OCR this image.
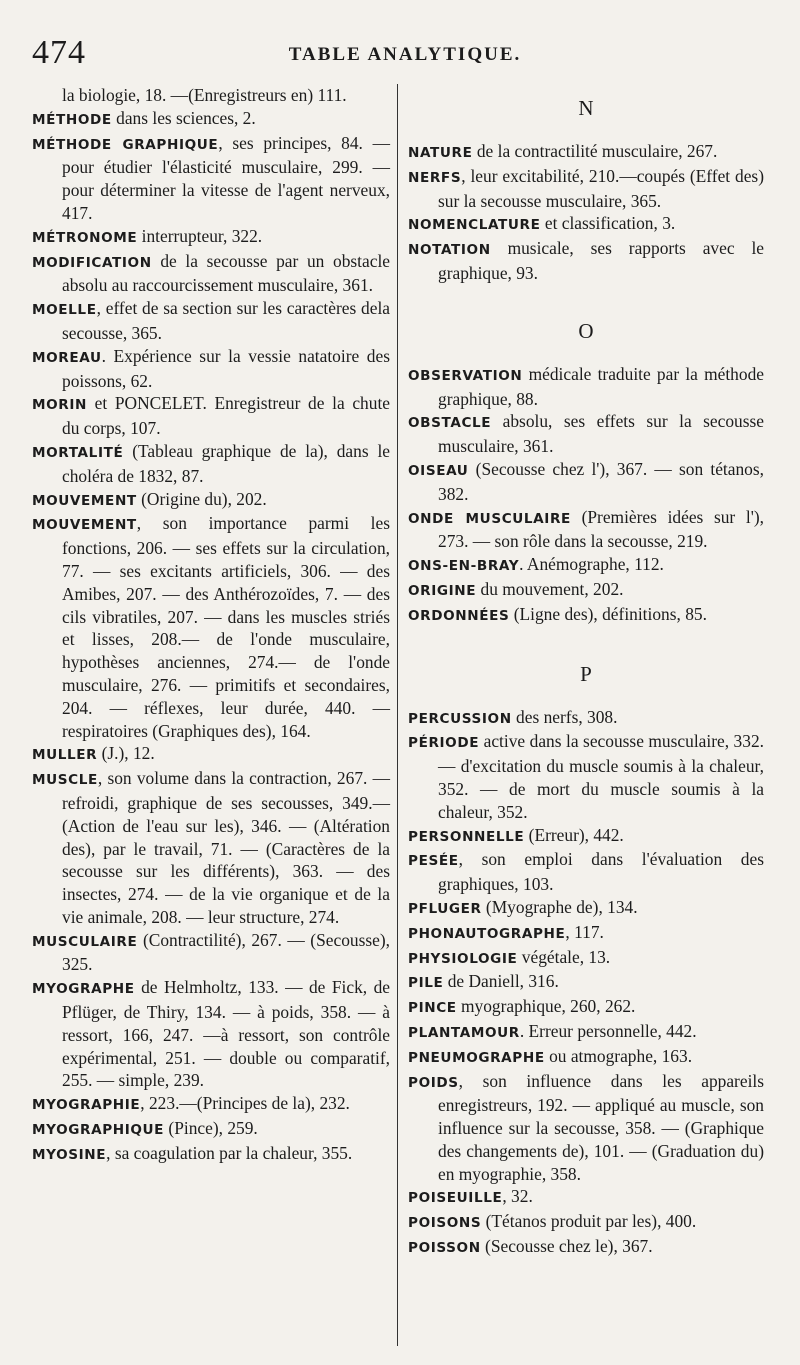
474	TABLE ANALYTIQUE.
la biologie, 18. —(Enregistreurs en) 111.
MÉTHODE dans les sciences, 2.
MÉTHODE GRAPHIQUE, ses principes, 84. —pour étudier l'élasticité musculaire, 299. — pour déterminer la vitesse de l'agent nerveux, 417.
MÉTRONOME interrupteur, 322.
MODIFICATION de la secousse par un obstacle absolu au raccourcissement musculaire, 361.
MOELLE, effet de sa section sur les caractères dela secousse, 365.
MOREAU. Expérience sur la vessie natatoire des poissons, 62.
MORIN et PONCELET. Enregistreur de la chute du corps, 107.
MORTALITÉ (Tableau graphique de la), dans le choléra de 1832, 87.
MOUVEMENT (Origine du), 202.
MOUVEMENT, son importance parmi les fonctions, 206. — ses effets sur la circulation, 77. — ses excitants artificiels, 306. — des Amibes, 207. — des Anthérozoïdes, 7. — des cils vibratiles, 207. — dans les muscles striés et lisses, 208.— de l'onde musculaire, hypothèses anciennes, 274.— de l'onde musculaire, 276. — primitifs et secondaires, 204. — réflexes, leur durée, 440. — respiratoires (Graphiques des), 164.
MULLER (J.), 12.
MUSCLE, son volume dans la contraction, 267. — refroidi, graphique de ses secousses, 349.—(Action de l'eau sur les), 346. — (Altération des), par le travail, 71. — (Caractères de la secousse sur les différents), 363. — des insectes, 274. — de la vie organique et de la vie animale, 208. — leur structure, 274.
MUSCULAIRE (Contractilité), 267. — (Secousse), 325.
MYOGRAPHE de Helmholtz, 133. — de Fick, de Pflüger, de Thiry, 134. — à poids, 358. — à ressort, 166, 247. —à ressort, son contrôle expérimental, 251. — double ou comparatif, 255. — simple, 239.
MYOGRAPHIE, 223.—(Principes de la), 232.
MYOGRAPHIQUE (Pince), 259.
MYOSINE, sa coagulation par la chaleur, 355.
N
NATURE de la contractilité musculaire, 267.
NERFS, leur excitabilité, 210.—coupés (Effet des) sur la secousse musculaire, 365.
NOMENCLATURE et classification, 3.
NOTATION musicale, ses rapports avec le graphique, 93.
O
OBSERVATION médicale traduite par la méthode graphique, 88.
OBSTACLE absolu, ses effets sur la secousse musculaire, 361.
OISEAU (Secousse chez l'), 367. — son tétanos, 382.
ONDE MUSCULAIRE (Premières idées sur l'), 273. — son rôle dans la secousse, 219.
ONS-EN-BRAY. Anémographe, 112.
ORIGINE du mouvement, 202.
ORDONNÉES (Ligne des), définitions, 85.
P
PERCUSSION des nerfs, 308.
PÉRIODE active dans la secousse musculaire, 332. — d'excitation du muscle soumis à la chaleur, 352. — de mort du muscle soumis à la chaleur, 352.
PERSONNELLE (Erreur), 442.
PESÉE, son emploi dans l'évaluation des graphiques, 103.
PFLUGER (Myographe de), 134.
PHONAUTOGRAPHE, 117.
PHYSIOLOGIE végétale, 13.
PILE de Daniell, 316.
PINCE myographique, 260, 262.
PLANTAMOUR. Erreur personnelle, 442.
PNEUMOGRAPHE ou atmographe, 163.
POIDS, son influence dans les appareils enregistreurs, 192. — appliqué au muscle, son influence sur la secousse, 358. — (Graphique des changements de), 101. — (Graduation du) en myographie, 358.
POISEUILLE, 32.
POISONS (Tétanos produit par les), 400.
POISSON (Secousse chez le), 367.
